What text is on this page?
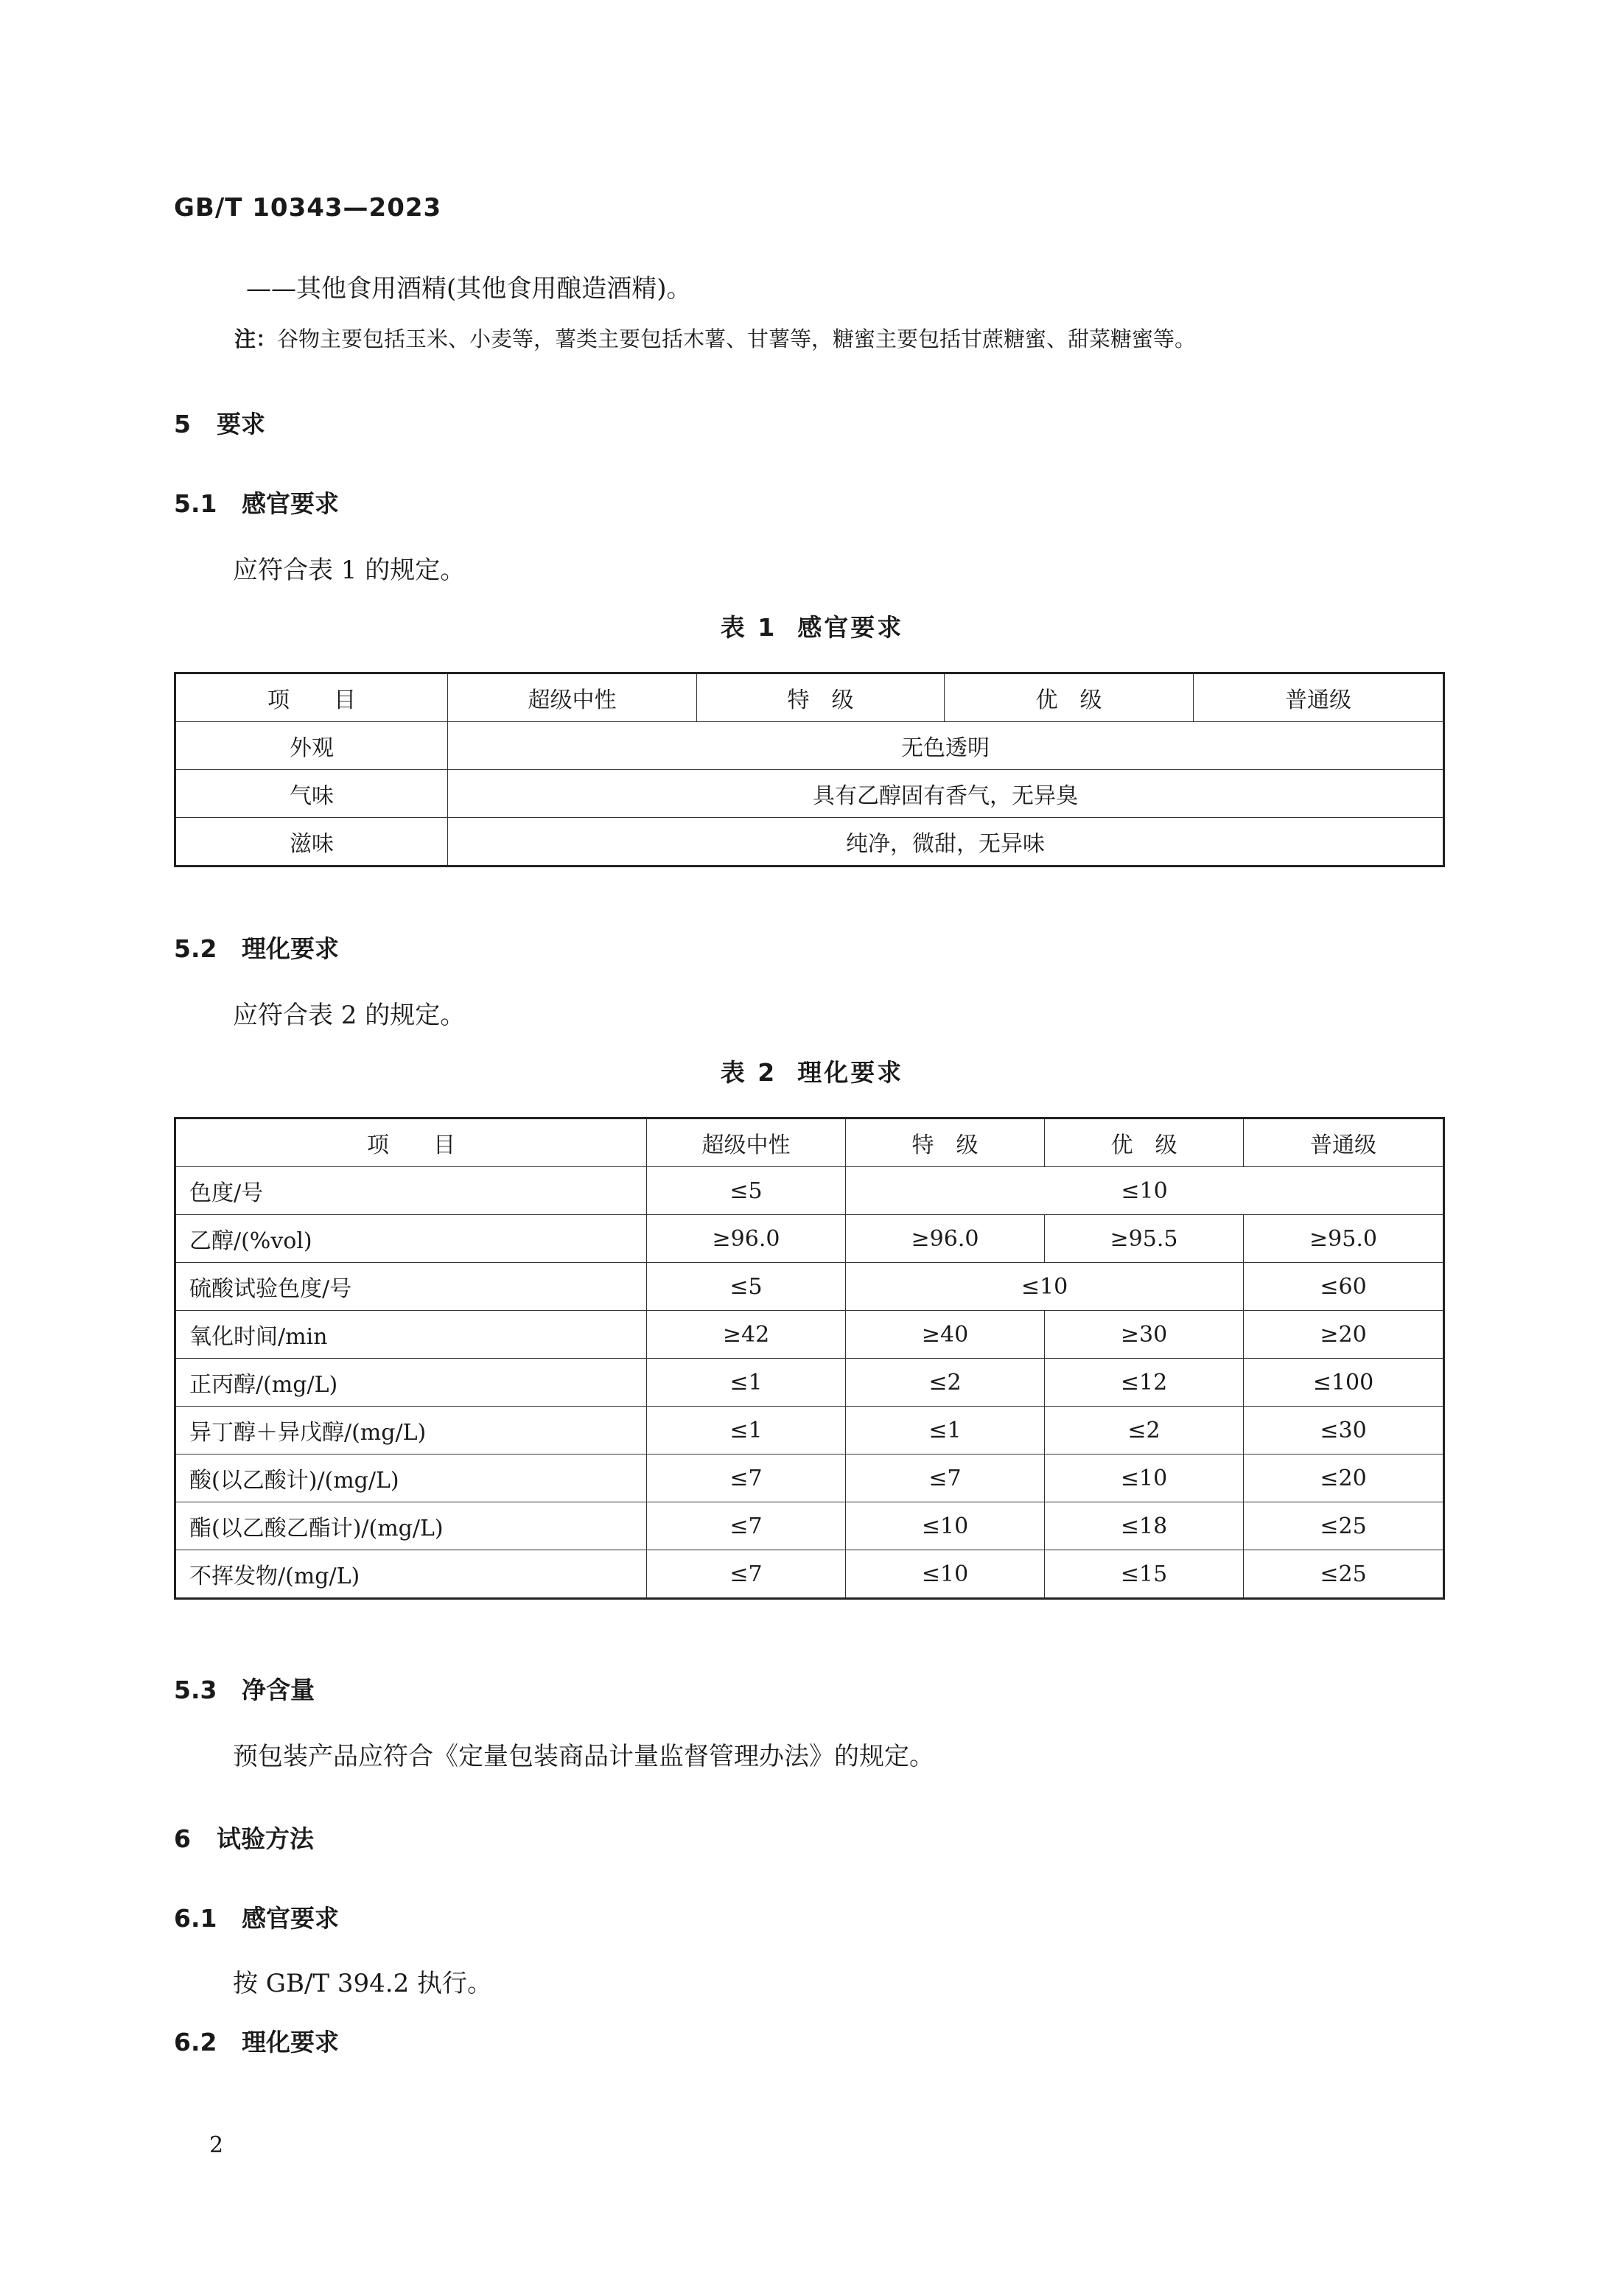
GB/T 10343—2023
——其他食用酒精(其他食用酿造酒精)。
注：谷物主要包括玉米、小麦等，薯类主要包括木薯、甘薯等，糖蜜主要包括甘蔗糖蜜、甜菜糖蜜等。
5 要求
5.1 感官要求
应符合表 1 的规定。
表 1 感官要求
项　　目	超级中性	特　级	优　级	普通级
外观	无色透明			
气味	具有乙醇固有香气，无异臭			
滋味	纯净，微甜，无异味			
5.2 理化要求
应符合表 2 的规定。
表 2 理化要求
项　　目	超级中性	特　级	优　级	普通级
色度/号	≤5	≤10		
乙醇/(%vol)	≥96.0	≥96.0	≥95.5	≥95.0
硫酸试验色度/号	≤5	≤10		≤60
氧化时间/min	≥42	≥40	≥30	≥20
正丙醇/(mg/L)	≤1	≤2	≤12	≤100
异丁醇＋异戊醇/(mg/L)	≤1	≤1	≤2	≤30
酸(以乙酸计)/(mg/L)	≤7	≤7	≤10	≤20
酯(以乙酸乙酯计)/(mg/L)	≤7	≤10	≤18	≤25
不挥发物/(mg/L)	≤7	≤10	≤15	≤25
5.3 净含量
预包装产品应符合《定量包装商品计量监督管理办法》的规定。
6 试验方法
6.1 感官要求
按 GB/T 394.2 执行。
6.2 理化要求
2
